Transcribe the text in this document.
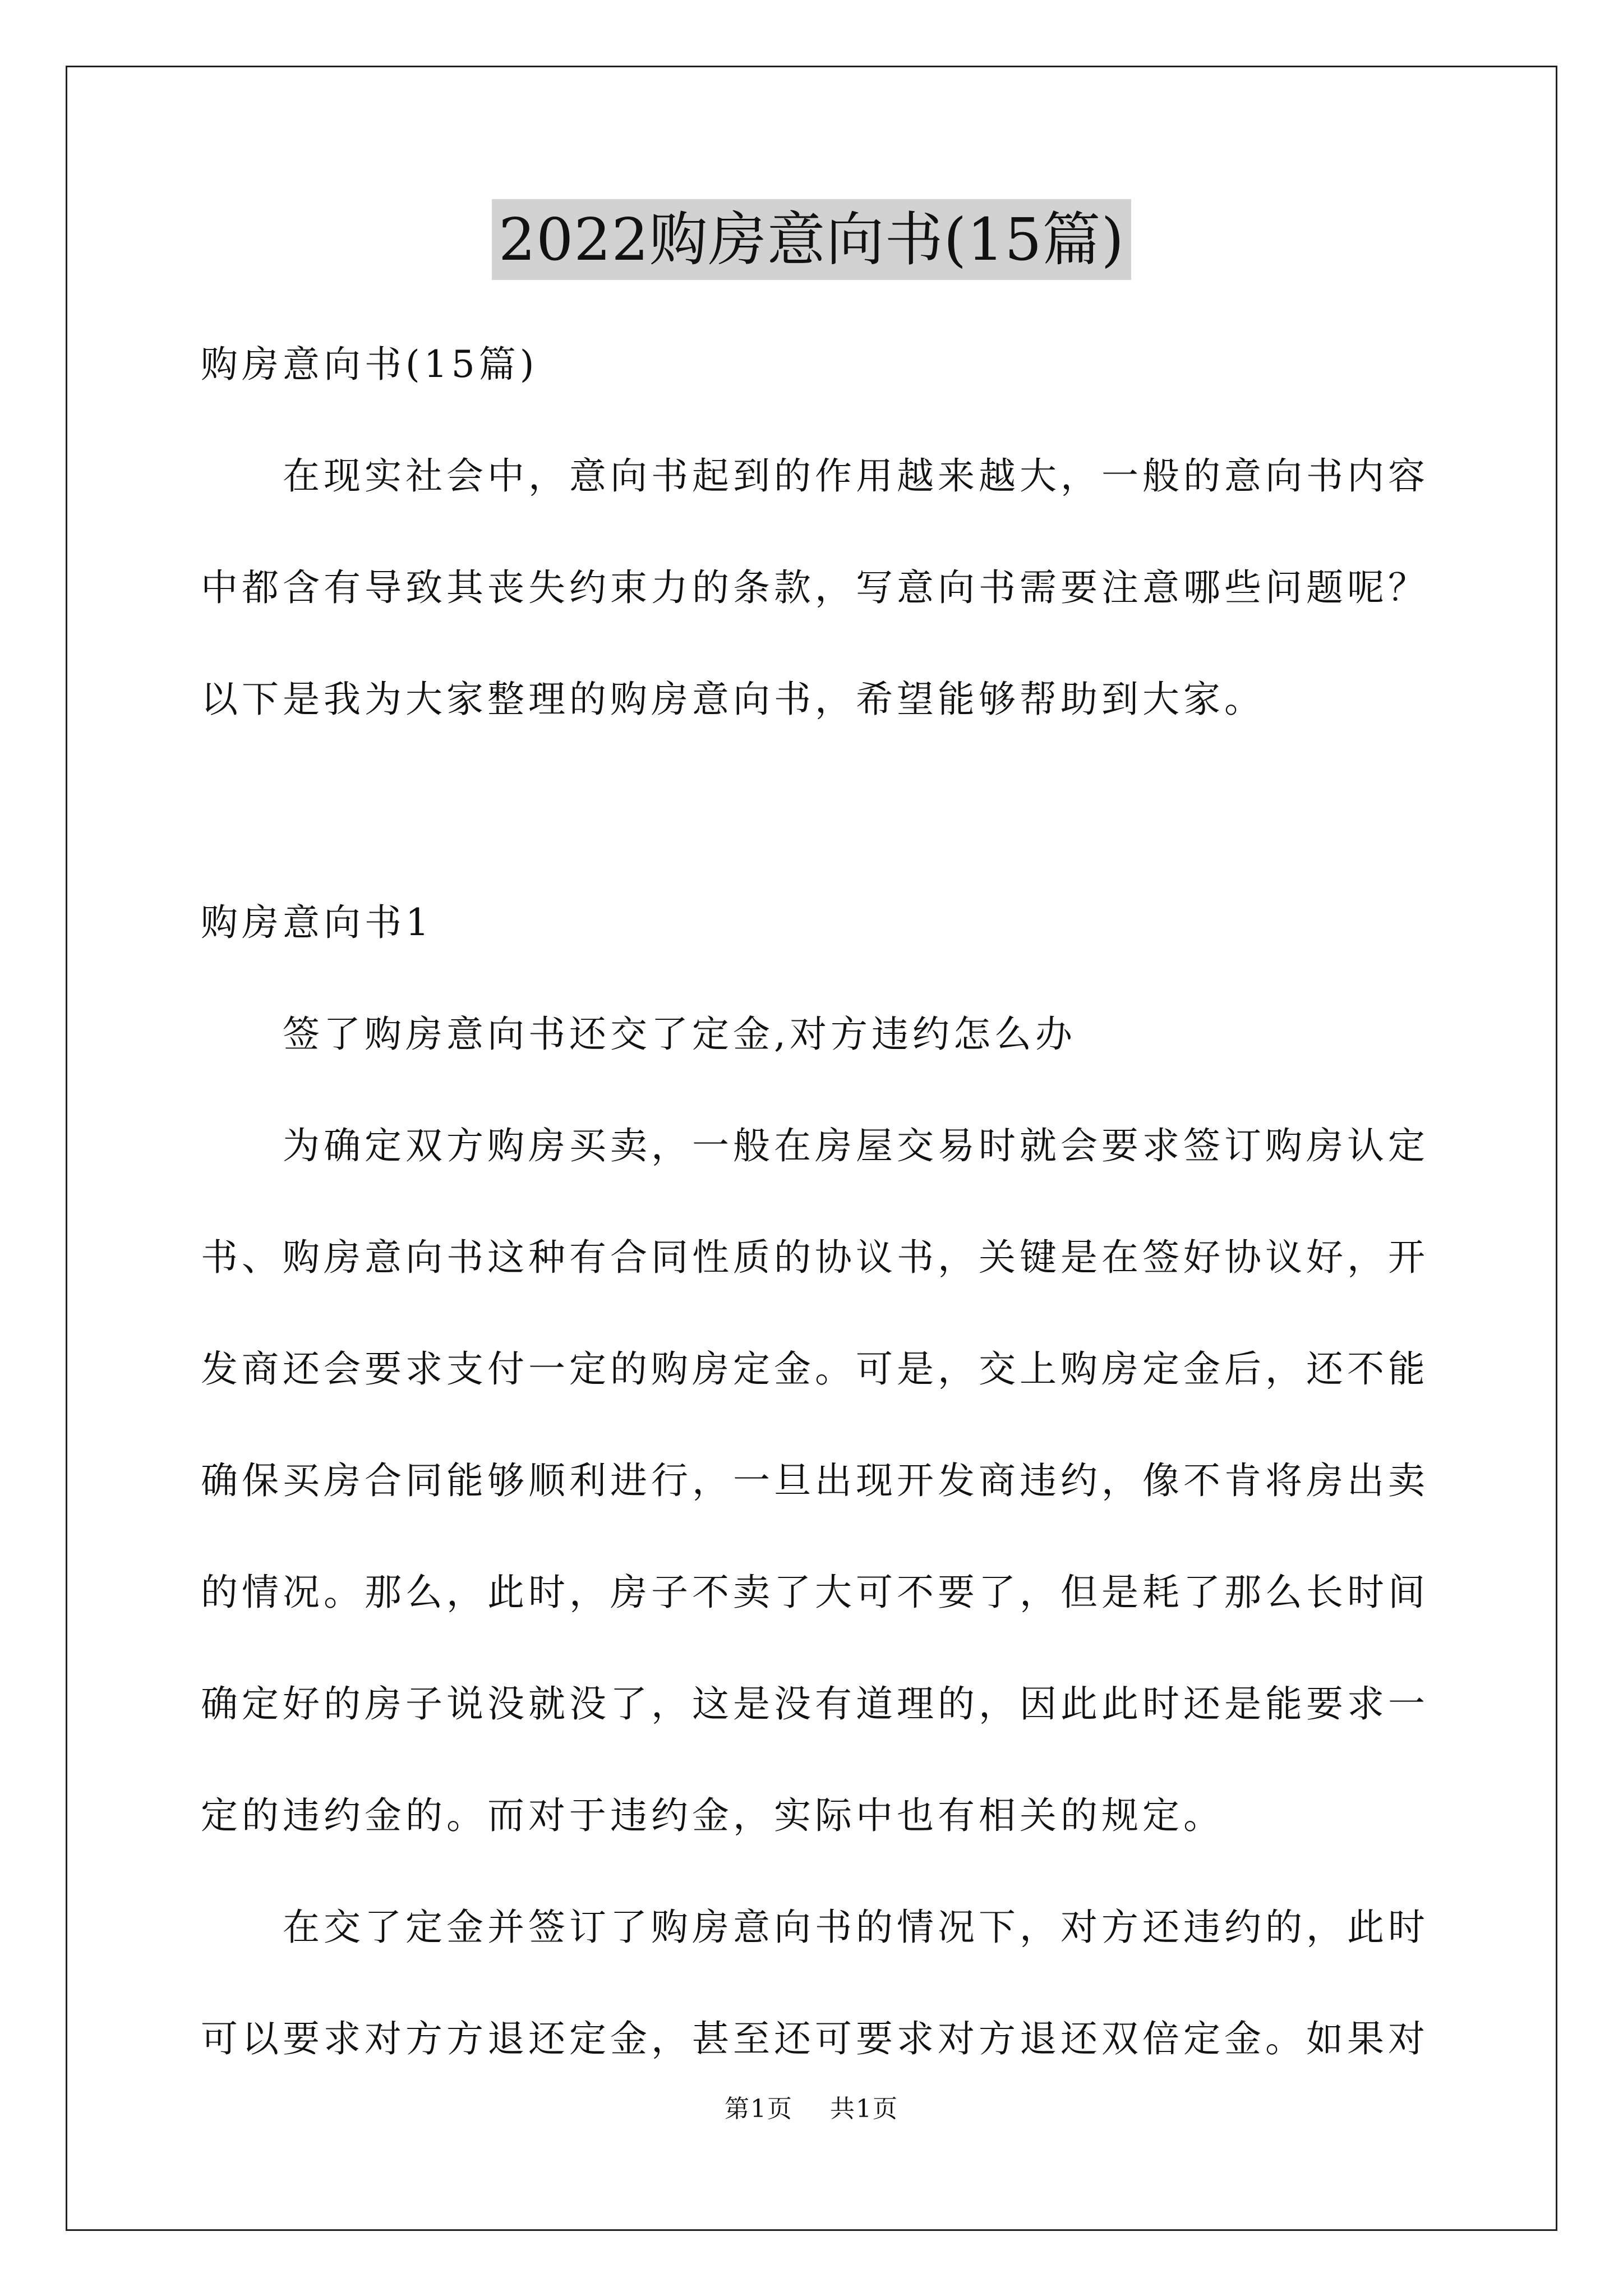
2022购房意向书(15篇)

购房意向书(15篇)

在现实社会中，意向书起到的作用越来越大，一般的意向书内容中都含有导致其丧失约束力的条款，写意向书需要注意哪些问题呢？以下是我为大家整理的购房意向书，希望能够帮助到大家。

购房意向书1

签了购房意向书还交了定金,对方违约怎么办

为确定双方购房买卖，一般在房屋交易时就会要求签订购房认定书、购房意向书这种有合同性质的协议书，关键是在签好协议好，开发商还会要求支付一定的购房定金。可是，交上购房定金后，还不能确保买房合同能够顺利进行，一旦出现开发商违约，像不肯将房出卖的情况。那么，此时，房子不卖了大可不要了，但是耗了那么长时间确定好的房子说没就没了，这是没有道理的，因此此时还是能要求一定的违约金的。而对于违约金，实际中也有相关的规定。

在交了定金并签订了购房意向书的情况下，对方还违约的，此时可以要求对方方退还定金，甚至还可要求对方退还双倍定金。如果对

第1页 共1页
